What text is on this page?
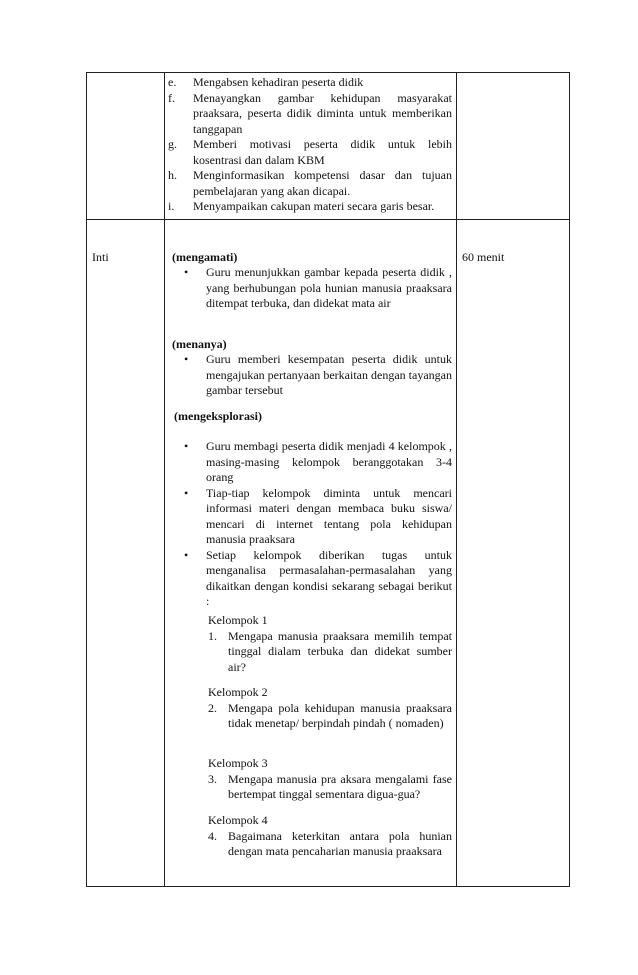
e. Mengabsen kehadiran peserta didik
f. Menayangkan gambar kehidupan masyarakat praaksara, peserta didik diminta untuk memberikan tanggapan
g. Memberi motivasi peserta didik untuk lebih kosentrasi dan dalam KBM
h. Menginformasikan kompetensi dasar dan tujuan pembelajaran yang akan dicapai.
i. Menyampaikan cakupan materi secara garis besar.
Inti	60 menit
(mengamati)
• Guru menunjukkan gambar kepada peserta didik , yang berhubungan pola hunian manusia praaksara ditempat terbuka, dan didekat mata air
(menanya)
• Guru memberi kesempatan peserta didik untuk mengajukan pertanyaan berkaitan dengan tayangan gambar tersebut
(mengeksplorasi)
• Guru membagi peserta didik menjadi 4 kelompok , masing-masing kelompok beranggotakan 3-4 orang
• Tiap-tiap kelompok diminta untuk mencari informasi materi dengan membaca buku siswa/ mencari di internet tentang pola kehidupan manusia praaksara
• Setiap kelompok diberikan tugas untuk menganalisa permasalahan-permasalahan yang dikaitkan dengan kondisi sekarang sebagai berikut :
Kelompok 1
1. Mengapa manusia praaksara memilih tempat tinggal dialam terbuka dan didekat sumber air?
Kelompok 2
2. Mengapa pola kehidupan manusia praaksara tidak menetap/ berpindah pindah ( nomaden)
Kelompok 3
3. Mengapa manusia pra aksara mengalami fase bertempat tinggal sementara digua-gua?
Kelompok 4
4. Bagaimana keterkitan antara pola hunian dengan mata pencaharian manusia praaksara
